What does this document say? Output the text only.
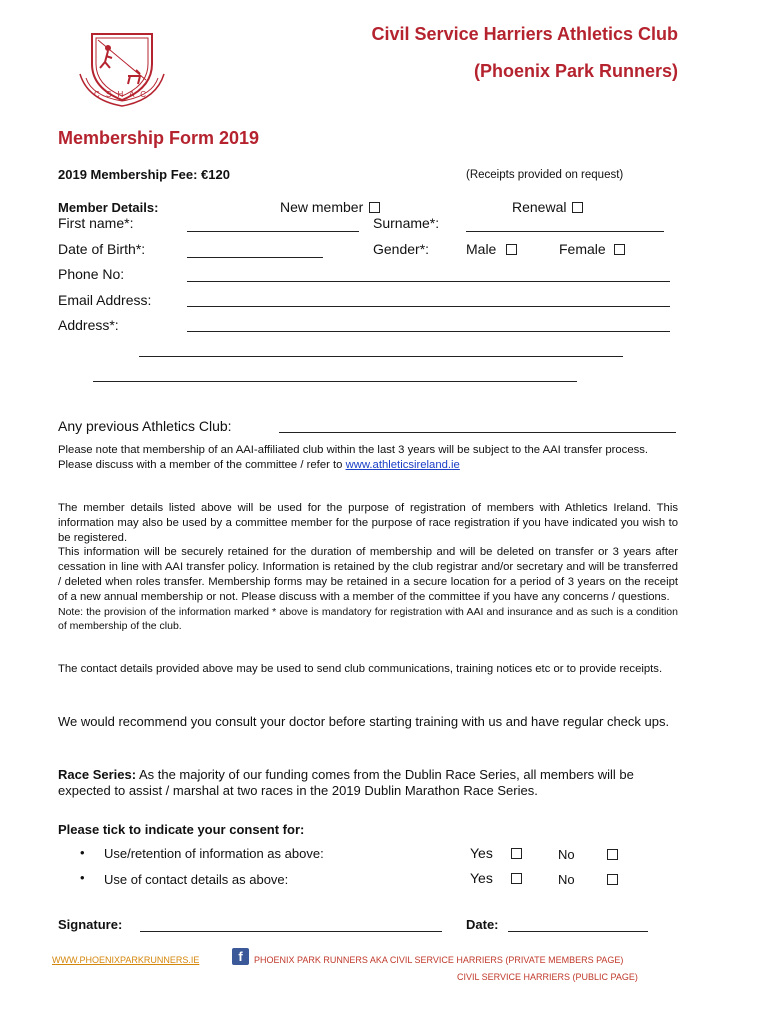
C S H A C
Civil Service Harriers Athletics Club
(Phoenix Park Runners)
Membership Form 2019
2019 Membership Fee: €120	(Receipts provided on request)
Member Details:	New member	Renewal
First name*:	Surname*:
Date of Birth*:	Gender*:	Male	Female
Phone No:
Email Address:
Address*:
Any previous Athletics Club:
Please note that membership of an AAI-affiliated club within the last 3 years will be subject to the AAI transfer process. Please discuss with a member of the committee / refer to www.athleticsireland.ie

The member details listed above will be used for the purpose of registration of members with Athletics Ireland. This information may also be used by a committee member for the purpose of race registration if you have indicated you wish to be registered.

This information will be securely retained for the duration of membership and will be deleted on transfer or 3 years after cessation in line with AAI transfer policy. Information is retained by the club registrar and/or secretary and will be transferred / deleted when roles transfer. Membership forms may be retained in a secure location for a period of 3 years on the receipt of a new annual membership or not. Please discuss with a member of the committee if you have any concerns / questions.

Note: the provision of the information marked * above is mandatory for registration with AAI and insurance and as such is a condition of membership of the club.

The contact details provided above may be used to send club communications, training notices etc or to provide receipts.
We would recommend you consult your doctor before starting training with us and have regular check ups.
Race Series: As the majority of our funding comes from the Dublin Race Series, all members will be expected to assist / marshal at two races in the 2019 Dublin Marathon Race Series.
Please tick to indicate your consent for:
• Use/retention of information as above:	Yes	No
• Use of contact details as above:	Yes	No
Signature:	Date:
WWW.PHOENIXPARKRUNNERS.IE	f	PHOENIX PARK RUNNERS AKA CIVIL SERVICE HARRIERS (PRIVATE MEMBERS PAGE)
CIVIL SERVICE HARRIERS (PUBLIC PAGE)
